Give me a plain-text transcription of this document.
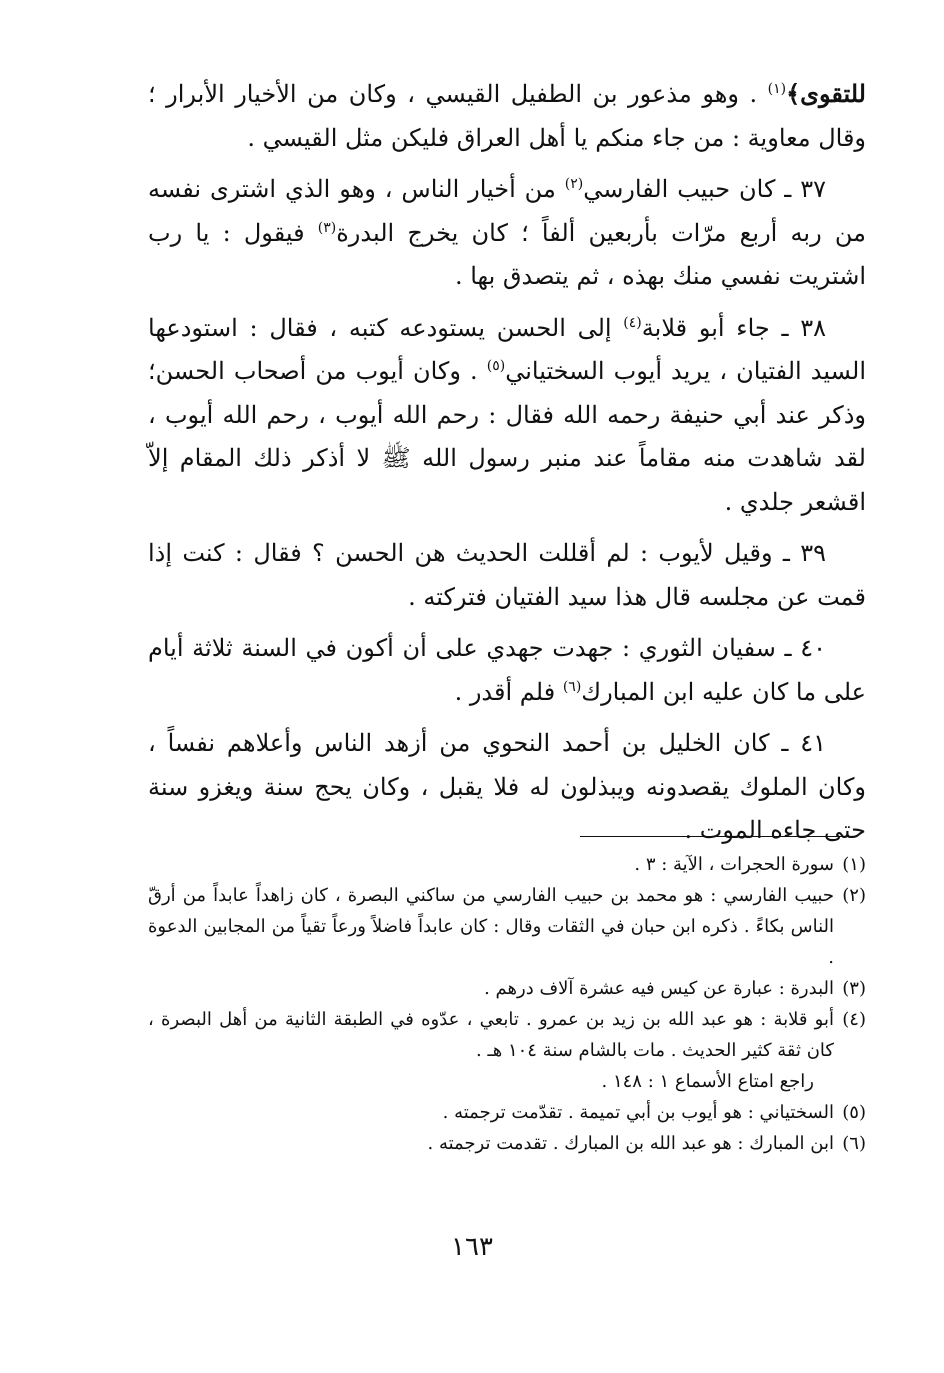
للتقوى﴾$^{(١)}$ . وهو مذعور بن الطفيل القيسي ، وكان من الأخيار الأبرار ؛ وقال معاوية : من جاء منكم يا أهل العراق فليكن مثل القيسي .

٣٧ ـ كان حبيب الفارسي$^{(٢)}$ من أخيار الناس ، وهو الذي اشترى نفسه من ربه أربع مرّات بأربعين ألفاً ؛ كان يخرج البدرة$^{(٣)}$ فيقول : يا رب اشتريت نفسي منك بهذه ، ثم يتصدق بها .

٣٨ ـ جاء أبو قلابة$^{(٤)}$ إلى الحسن يستودعه كتبه ، فقال : استودعها السيد الفتيان ، يريد أيوب السختياني$^{(٥)}$ . وكان أيوب من أصحاب الحسن؛ وذكر عند أبي حنيفة رحمه الله فقال : رحم الله أيوب ، رحم الله أيوب ، لقد شاهدت منه مقاماً عند منبر رسول الله ﷺ لا أذكر ذلك المقام إلاّ اقشعر جلدي .

٣٩ ـ وقيل لأيوب : لم أقللت الحديث هن الحسن ؟ فقال : كنت إذا قمت عن مجلسه قال هذا سيد الفتيان فتركته .

٤٠ ـ سفيان الثوري : جهدت جهدي على أن أكون في السنة ثلاثة أيام على ما كان عليه ابن المبارك$^{(٦)}$ فلم أقدر .

٤١ ـ كان الخليل بن أحمد النحوي من أزهد الناس وأعلاهم نفساً ، وكان الملوك يقصدونه ويبذلون له فلا يقبل ، وكان يحج سنة ويغزو سنة حتى جاءه الموت .

(١)
سورة الحجرات ، الآية : ٣ .

(٢)
حبيب الفارسي : هو محمد بن حبيب الفارسي من ساكني البصرة ، كان زاهداً عابداً من أرقّ الناس بكاءً . ذكره ابن حبان في الثقات وقال : كان عابداً فاضلاً ورعاً تقياً من المجابين الدعوة .

(٣)
البدرة : عبارة عن كيس فيه عشرة آلاف درهم .

(٤)
أبو قلابة : هو عبد الله بن زيد بن عمرو . تابعي ، عدّوه في الطبقة الثانية من أهل البصرة ، كان ثقة كثير الحديث . مات بالشام سنة ١٠٤ هـ .
راجع امتاع الأسماع ١ : ١٤٨ .

(٥)
السختياني : هو أيوب بن أبي تميمة . تقدّمت ترجمته .

(٦)
ابن المبارك : هو عبد الله بن المبارك . تقدمت ترجمته .

١٦٣
